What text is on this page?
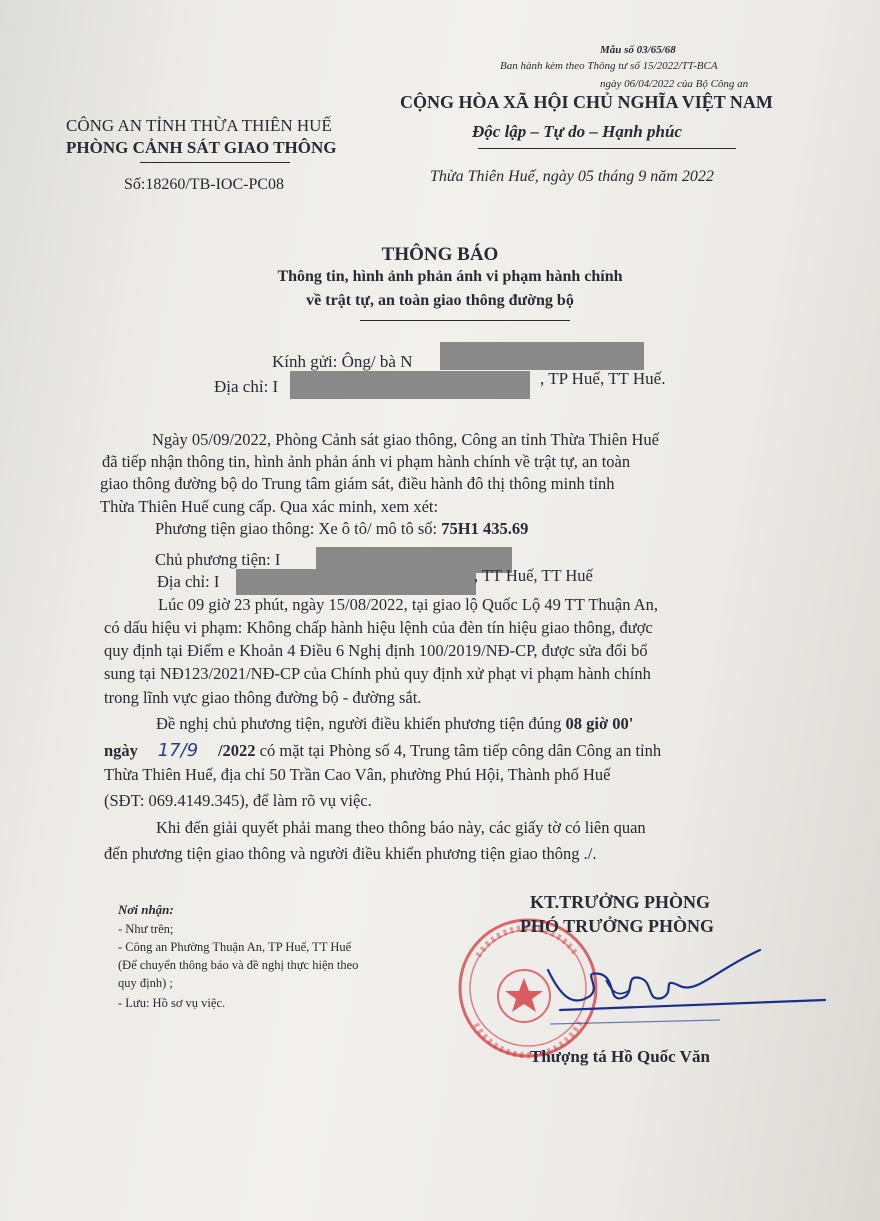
Mẫu số 03/65/68
Ban hành kèm theo Thông tư số 15/2022/TT-BCA
ngày 06/04/2022 của Bộ Công an
CÔNG AN TỈNH THỪA THIÊN HUẾ
PHÒNG CẢNH SÁT GIAO THÔNG
CỘNG HÒA XÃ HỘI CHỦ NGHĨA VIỆT NAM
Độc lập – Tự do – Hạnh phúc
Số:18260/TB-IOC-PC08	Thừa Thiên Huế, ngày 05 tháng 9 năm 2022
THÔNG BÁO
Thông tin, hình ảnh phản ánh vi phạm hành chính
về trật tự, an toàn giao thông đường bộ
Kính gửi: Ông/ bà N
Địa chỉ: I	, TP Huế, TT Huế.

Ngày 05/09/2022, Phòng Cảnh sát giao thông, Công an tỉnh Thừa Thiên Huế

đã tiếp nhận thông tin, hình ảnh phản ánh vi phạm hành chính về trật tự, an toàn

giao thông đường bộ do Trung tâm giám sát, điều hành đô thị thông minh tỉnh

Thừa Thiên Huế cung cấp. Qua xác minh, xem xét:

Phương tiện giao thông: Xe ô tô/ mô tô số: 75H1 435.69

Chủ phương tiện: I

Địa chỉ: I	, TT Huế, TT Huế

Lúc 09 giờ 23 phút, ngày 15/08/2022, tại giao lộ Quốc Lộ 49 TT Thuận An,

có dấu hiệu vi phạm: Không chấp hành hiệu lệnh của đèn tín hiệu giao thông, được

quy định tại Điểm e Khoản 4 Điều 6 Nghị định 100/2019/NĐ-CP, được sửa đổi bổ

sung tại NĐ123/2021/NĐ-CP của Chính phủ quy định xử phạt vi phạm hành chính

trong lĩnh vực giao thông đường bộ - đường sắt.

Đề nghị chủ phương tiện, người điều khiển phương tiện đúng 08 giờ 00'

ngày 17/9 /2022 có mặt tại Phòng số 4, Trung tâm tiếp công dân Công an tỉnh

Thừa Thiên Huế, địa chỉ 50 Trần Cao Vân, phường Phú Hội, Thành phố Huế

(SĐT: 069.4149.345), để làm rõ vụ việc.

Khi đến giải quyết phải mang theo thông báo này, các giấy tờ có liên quan

đến phương tiện giao thông và người điều khiển phương tiện giao thông ./.

Nơi nhận:
- Như trên;
- Công an Phường Thuận An, TP Huế, TT Huế
(Để chuyển thông báo và đề nghị thực hiện theo
quy định) ;
- Lưu: Hồ sơ vụ việc.
KT.TRƯỞNG PHÒNG
PHÓ TRƯỞNG PHÒNG
Thượng tá Hồ Quốc Văn
